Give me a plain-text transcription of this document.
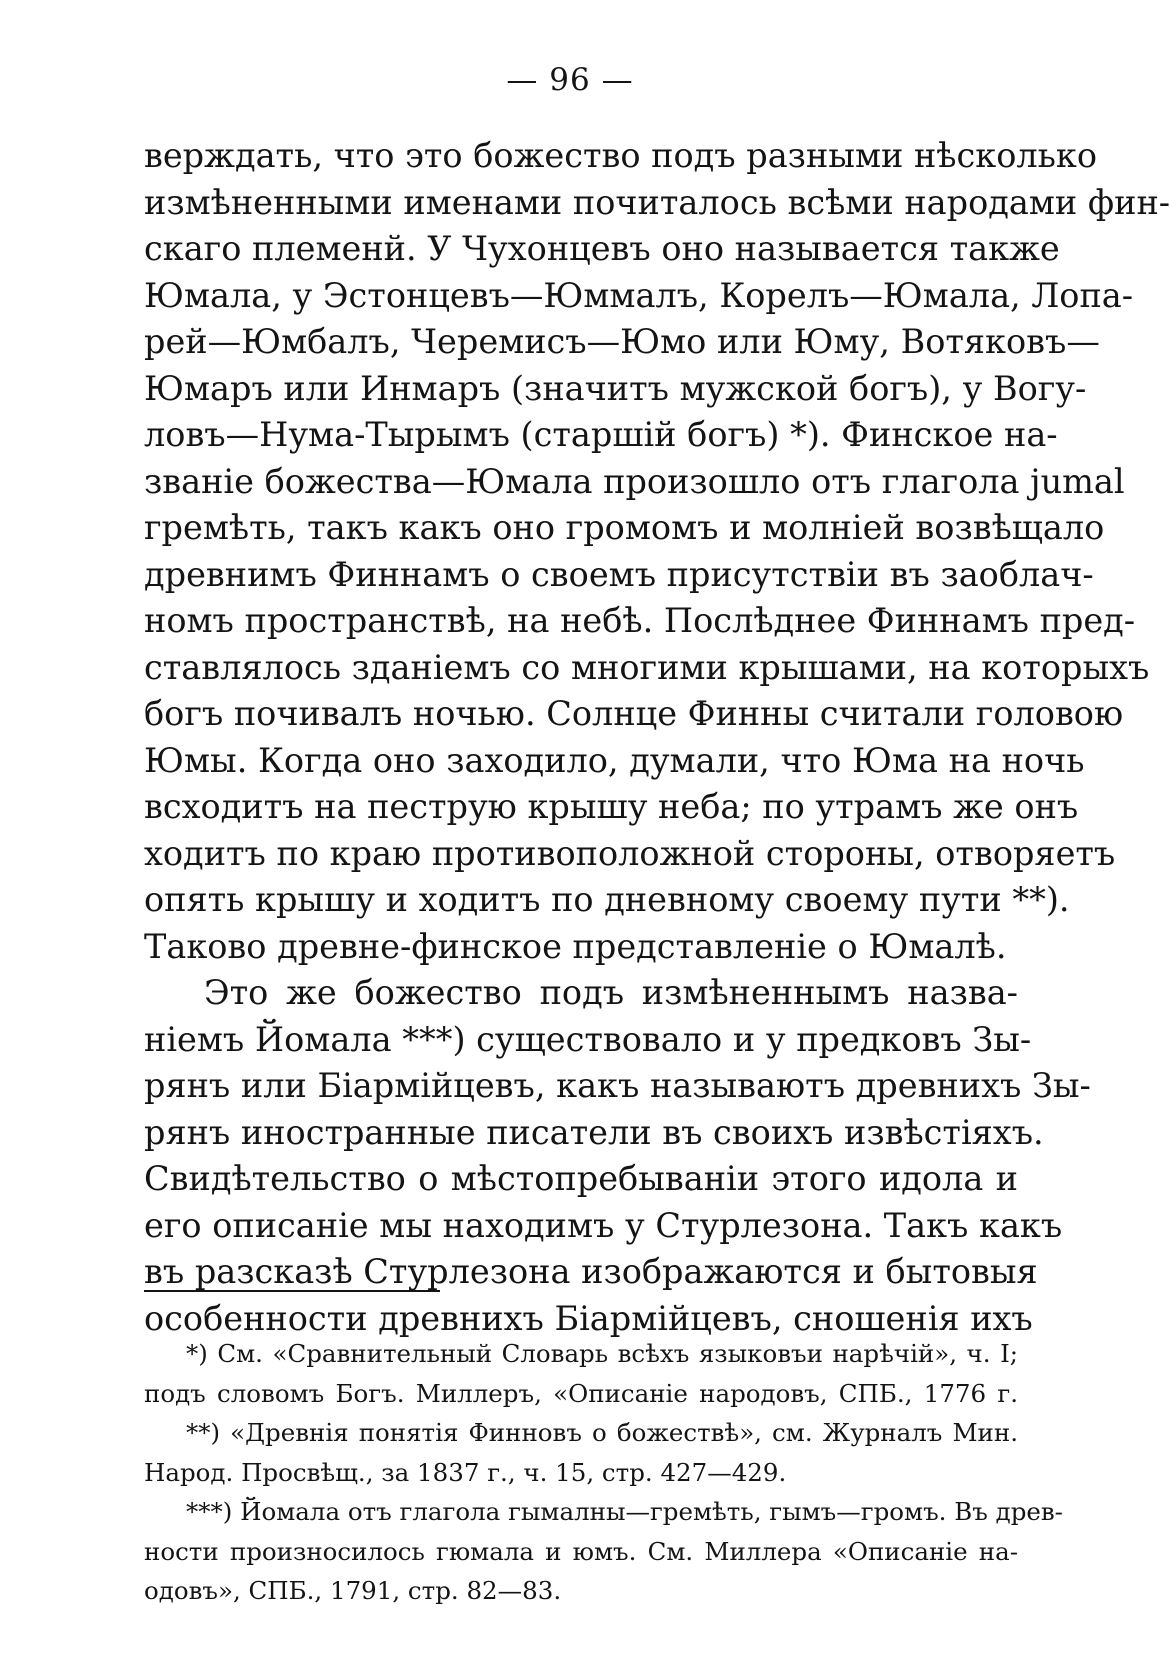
— 96 —
верждать, что это божество подъ разными нѣсколько
измѣненными именами почиталось всѣми народами фин-
скаго племенй. У Чухонцевъ оно называется также
Юмала, у Эстонцевъ—Юммалъ, Корелъ—Юмала, Лопа-
рей—Юмбалъ, Черемисъ—Юмо или Юму, Вотяковъ—
Юмаръ или Инмаръ (значитъ мужской богъ), у Вогу-
ловъ—Нума-Тырымъ (старшій богъ) *). Финское на-
званіе божества—Юмала произошло отъ глагола jumal
гремѣть, такъ какъ оно громомъ и молніей возвѣщало
древнимъ Финнамъ о своемъ присутствіи въ заоблач-
номъ пространствѣ, на небѣ. Послѣднее Финнамъ пред-
ставлялось зданіемъ со многими крышами, на которыхъ
богъ почивалъ ночью. Солнце Финны считали головою
Юмы. Когда оно заходило, думали, что Юма на ночь
всходитъ на пеструю крышу неба; по утрамъ же онъ
ходитъ по краю противоположной стороны, отворяетъ
опять крышу и ходитъ по дневному своему пути **).
Таково древне-финское представленіе о Юмалѣ.
Это же божество подъ измѣненнымъ назва-
ніемъ Йомала ***) существовало и у предковъ Зы-
рянъ или Біармійцевъ, какъ называютъ древнихъ Зы-
рянъ иностранные писатели въ своихъ извѣстіяхъ.
Свидѣтельство о мѣстопребываніи этого идола и
его описаніе мы находимъ у Стурлезона. Такъ какъ
въ разсказѣ Стурлезона изображаются и бытовыя
особенности древнихъ Біармійцевъ, сношенія ихъ
*) См. «Сравнительный Словарь всѣхъ языковъи нарѣчій», ч. I;
подъ словомъ Богъ. Миллеръ, «Описаніе народовъ, СПБ., 1776 г.
**) «Древнія понятія Финновъ о божествѣ», см. Журналъ Мин.
Народ. Просвѣщ., за 1837 г., ч. 15, стр. 427—429.
***) Йомала отъ глагола гымалны—гремѣть, гымъ—громъ. Въ древ-
ности произносилось гюмала и юмъ. См. Миллера «Описаніе на-
одовъ», СПБ., 1791, стр. 82—83.
